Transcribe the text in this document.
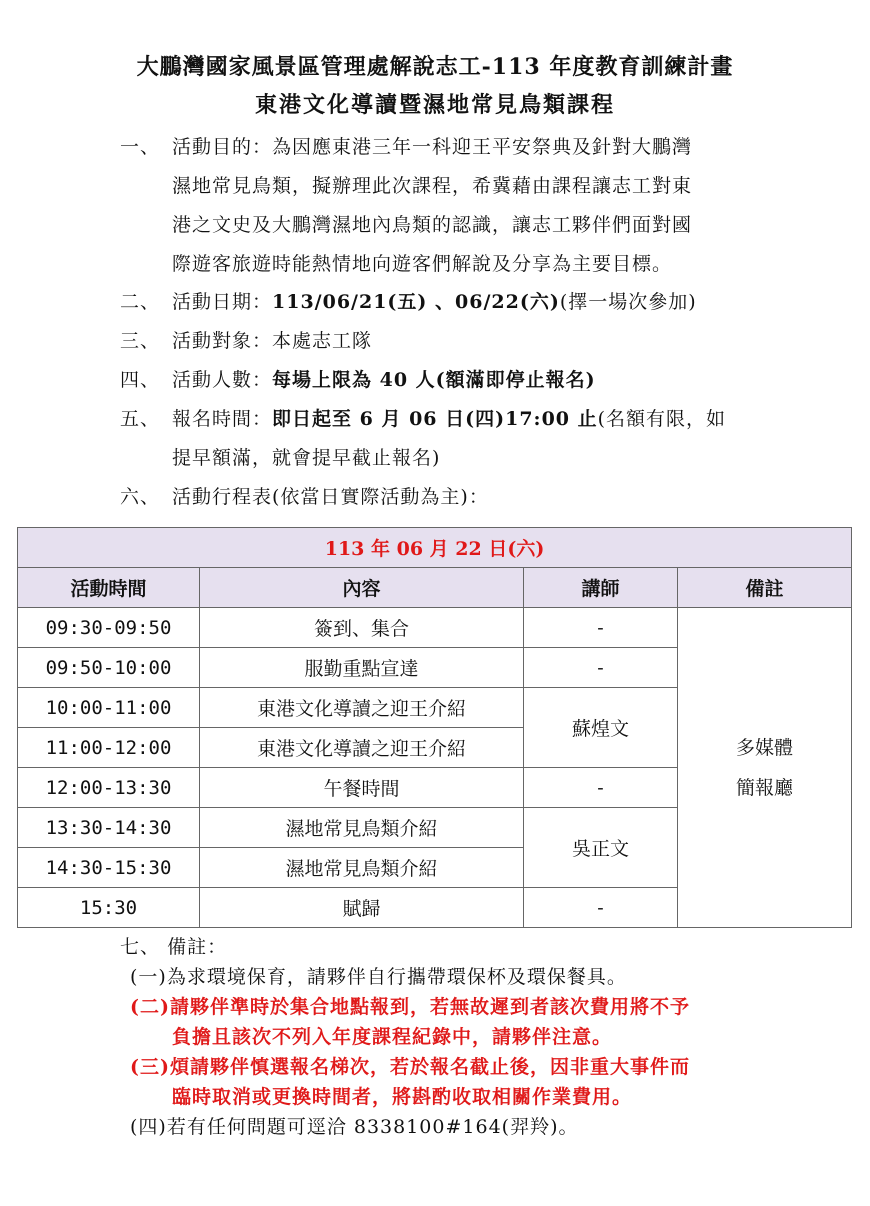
大鵬灣國家風景區管理處解說志工-113 年度教育訓練計畫
東港文化導讀暨濕地常見鳥類課程
一、 活動目的：為因應東港三年一科迎王平安祭典及針對大鵬灣
濕地常見鳥類，擬辦理此次課程，希冀藉由課程讓志工對東
港之文史及大鵬灣濕地內鳥類的認識，讓志工夥伴們面對國
際遊客旅遊時能熱情地向遊客們解說及分享為主要目標。
二、 活動日期：113/06/21(五) 、06/22(六)(擇一場次參加)
三、 活動對象：本處志工隊
四、 活動人數：每場上限為 40 人(額滿即停止報名)
五、 報名時間：即日起至 6 月 06 日(四)17:00 止(名額有限，如
提早額滿，就會提早截止報名)
六、 活動行程表(依當日實際活動為主)：
113 年 06 月 22 日(六)			
活動時間	內容	講師	備註
09:30-09:50	簽到、集合	-	多媒體
簡報廳

09:50-10:00	服勤重點宣達	-	
10:00-11:00	東港文化導讀之迎王介紹	蘇煌文	
11:00-12:00	東港文化導讀之迎王介紹		
12:00-13:30	午餐時間	-	
13:30-14:30	濕地常見鳥類介紹	吳正文	
14:30-15:30	濕地常見鳥類介紹		
15:30	賦歸	-	
七、 備註：
(一)為求環境保育，請夥伴自行攜帶環保杯及環保餐具。
(二)請夥伴準時於集合地點報到，若無故遲到者該次費用將不予
負擔且該次不列入年度課程紀錄中，請夥伴注意。
(三)煩請夥伴慎選報名梯次，若於報名截止後，因非重大事件而
臨時取消或更換時間者，將斟酌收取相關作業費用。
(四)若有任何問題可逕洽 8338100#164(羿羚)。
